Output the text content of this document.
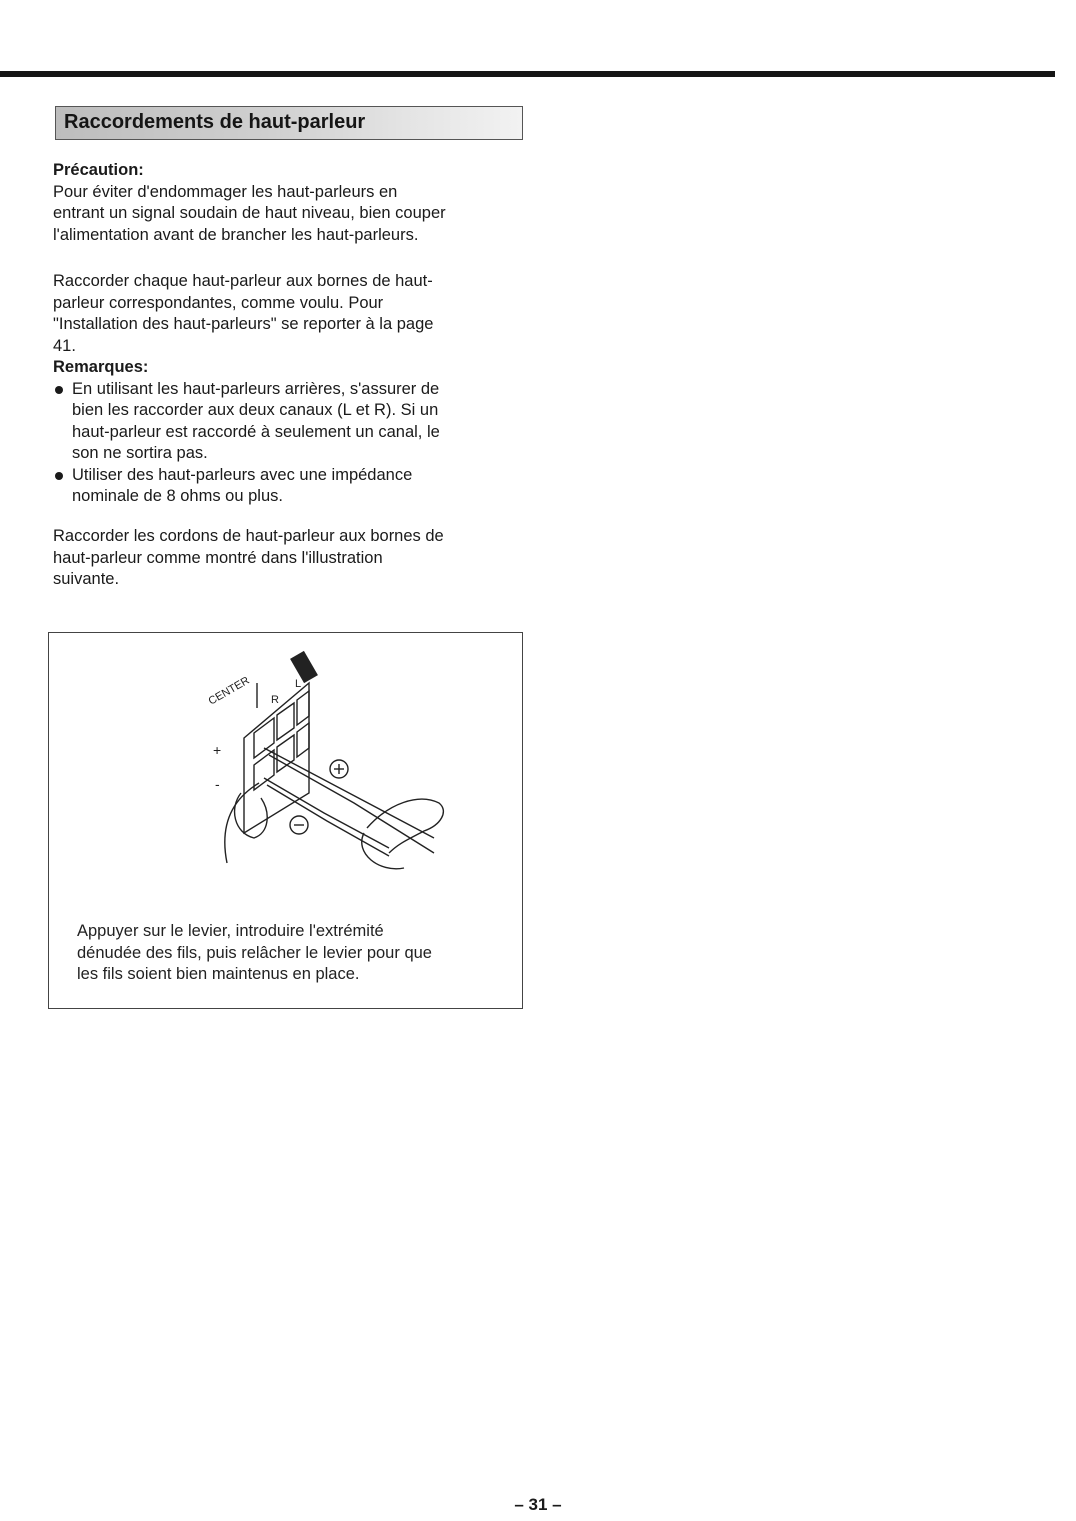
Raccordements de haut-parleur

Précaution:

Pour éviter d'endommager les haut-parleurs en

entrant un signal soudain de haut niveau, bien couper

l'alimentation avant de brancher les haut-parleurs.

Raccorder chaque haut-parleur aux bornes de haut-

parleur correspondantes, comme voulu. Pour

"Installation des haut-parleurs" se reporter à la page

41.

Remarques:

En utilisant les haut-parleurs arrières, s'assurer de

bien les raccorder aux deux canaux (L et R). Si un

haut-parleur est raccordé à seulement un canal, le

son ne sortira pas.

Utiliser des haut-parleurs avec une impédance

nominale de 8 ohms ou plus.

Raccorder les cordons de haut-parleur aux bornes de

haut-parleur comme montré dans l'illustration

suivante.

CENTER R
L
+
-
Appuyer sur le levier, introduire l'extrémité
dénudée des fils, puis relâcher le levier pour que
les fils soient bien maintenus en place.
– 31 –
